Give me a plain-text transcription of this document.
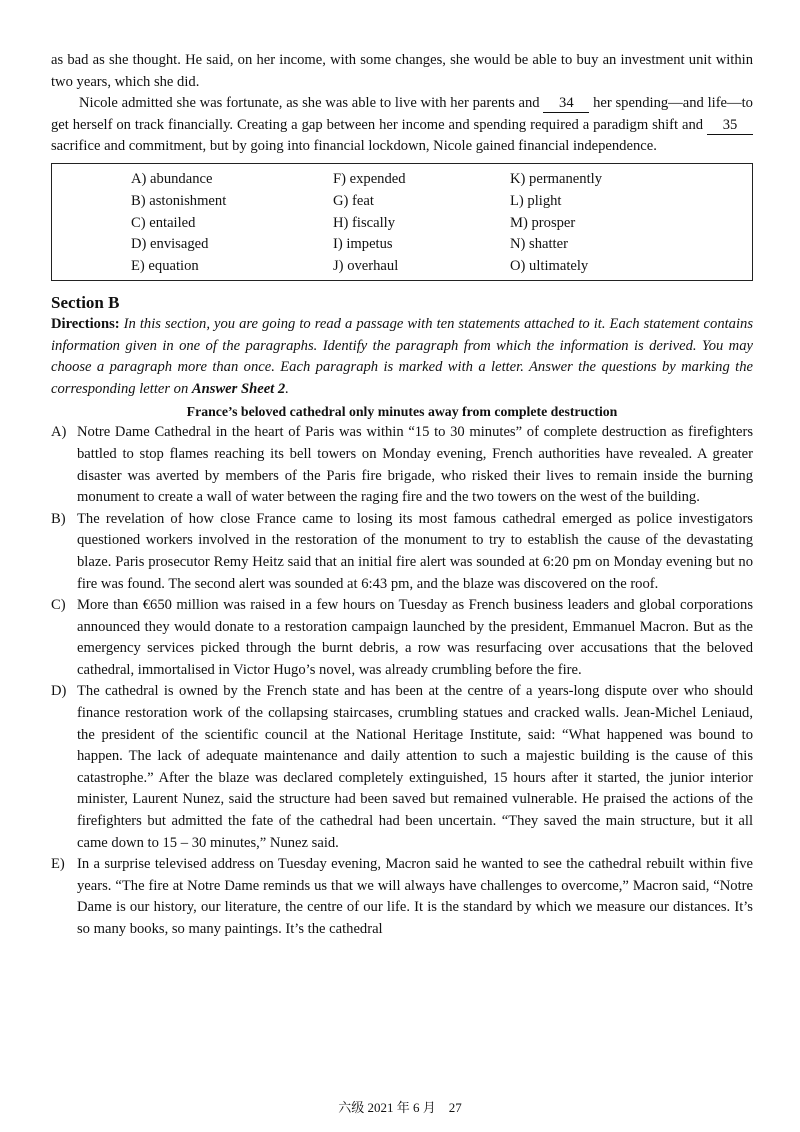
as bad as she thought. He said, on her income, with some changes, she would be able to buy an investment unit within two years, which she did.

Nicole admitted she was fortunate, as she was able to live with her parents and 34 her spending—and life—to get herself on track financially. Creating a gap between her income and spending required a paradigm shift and 35 sacrifice and commitment, but by going into financial lockdown, Nicole gained financial independence.

A) abundance
B) astonishment
C) entailed
D) envisaged
E) equation
F) expended
G) feat
H) fiscally
I) impetus
J) overhaul
K) permanently
L) plight
M) prosper
N) shatter
O) ultimately
Section B

Directions: In this section, you are going to read a passage with ten statements attached to it. Each statement contains information given in one of the paragraphs. Identify the paragraph from which the information is derived. You may choose a paragraph more than once. Each paragraph is marked with a letter. Answer the questions by marking the corresponding letter on Answer Sheet 2.

France’s beloved cathedral only minutes away from complete destruction
A) Notre Dame Cathedral in the heart of Paris was within “15 to 30 minutes” of complete destruction as firefighters battled to stop flames reaching its bell towers on Monday evening, French authorities have revealed. A greater disaster was averted by members of the Paris fire brigade, who risked their lives to remain inside the burning monument to create a wall of water between the raging fire and the two towers on the west of the building.

B) The revelation of how close France came to losing its most famous cathedral emerged as police investigators questioned workers involved in the restoration of the monument to try to establish the cause of the devastating blaze. Paris prosecutor Remy Heitz said that an initial fire alert was sounded at 6:20 pm on Monday evening but no fire was found. The second alert was sounded at 6:43 pm, and the blaze was discovered on the roof.

C) More than €650 million was raised in a few hours on Tuesday as French business leaders and global corporations announced they would donate to a restoration campaign launched by the president, Emmanuel Macron. But as the emergency services picked through the burnt debris, a row was resurfacing over accusations that the beloved cathedral, immortalised in Victor Hugo’s novel, was already crumbling before the fire.

D) The cathedral is owned by the French state and has been at the centre of a years-long dispute over who should finance restoration work of the collapsing staircases, crumbling statues and cracked walls. Jean-Michel Leniaud, the president of the scientific council at the National Heritage Institute, said: “What happened was bound to happen. The lack of adequate maintenance and daily attention to such a majestic building is the cause of this catastrophe.” After the blaze was declared completely extinguished, 15 hours after it started, the junior interior minister, Laurent Nunez, said the structure had been saved but remained vulnerable. He praised the actions of the firefighters but admitted the fate of the cathedral had been uncertain. “They saved the main structure, but it all came down to 15 – 30 minutes,” Nunez said.

E) In a surprise televised address on Tuesday evening, Macron said he wanted to see the cathedral rebuilt within five years. “The fire at Notre Dame reminds us that we will always have challenges to overcome,” Macron said, “Notre Dame is our history, our literature, the centre of our life. It is the standard by which we measure our distances. It’s so many books, so many paintings. It’s the cathedral

六级 2021 年 6 月　27
